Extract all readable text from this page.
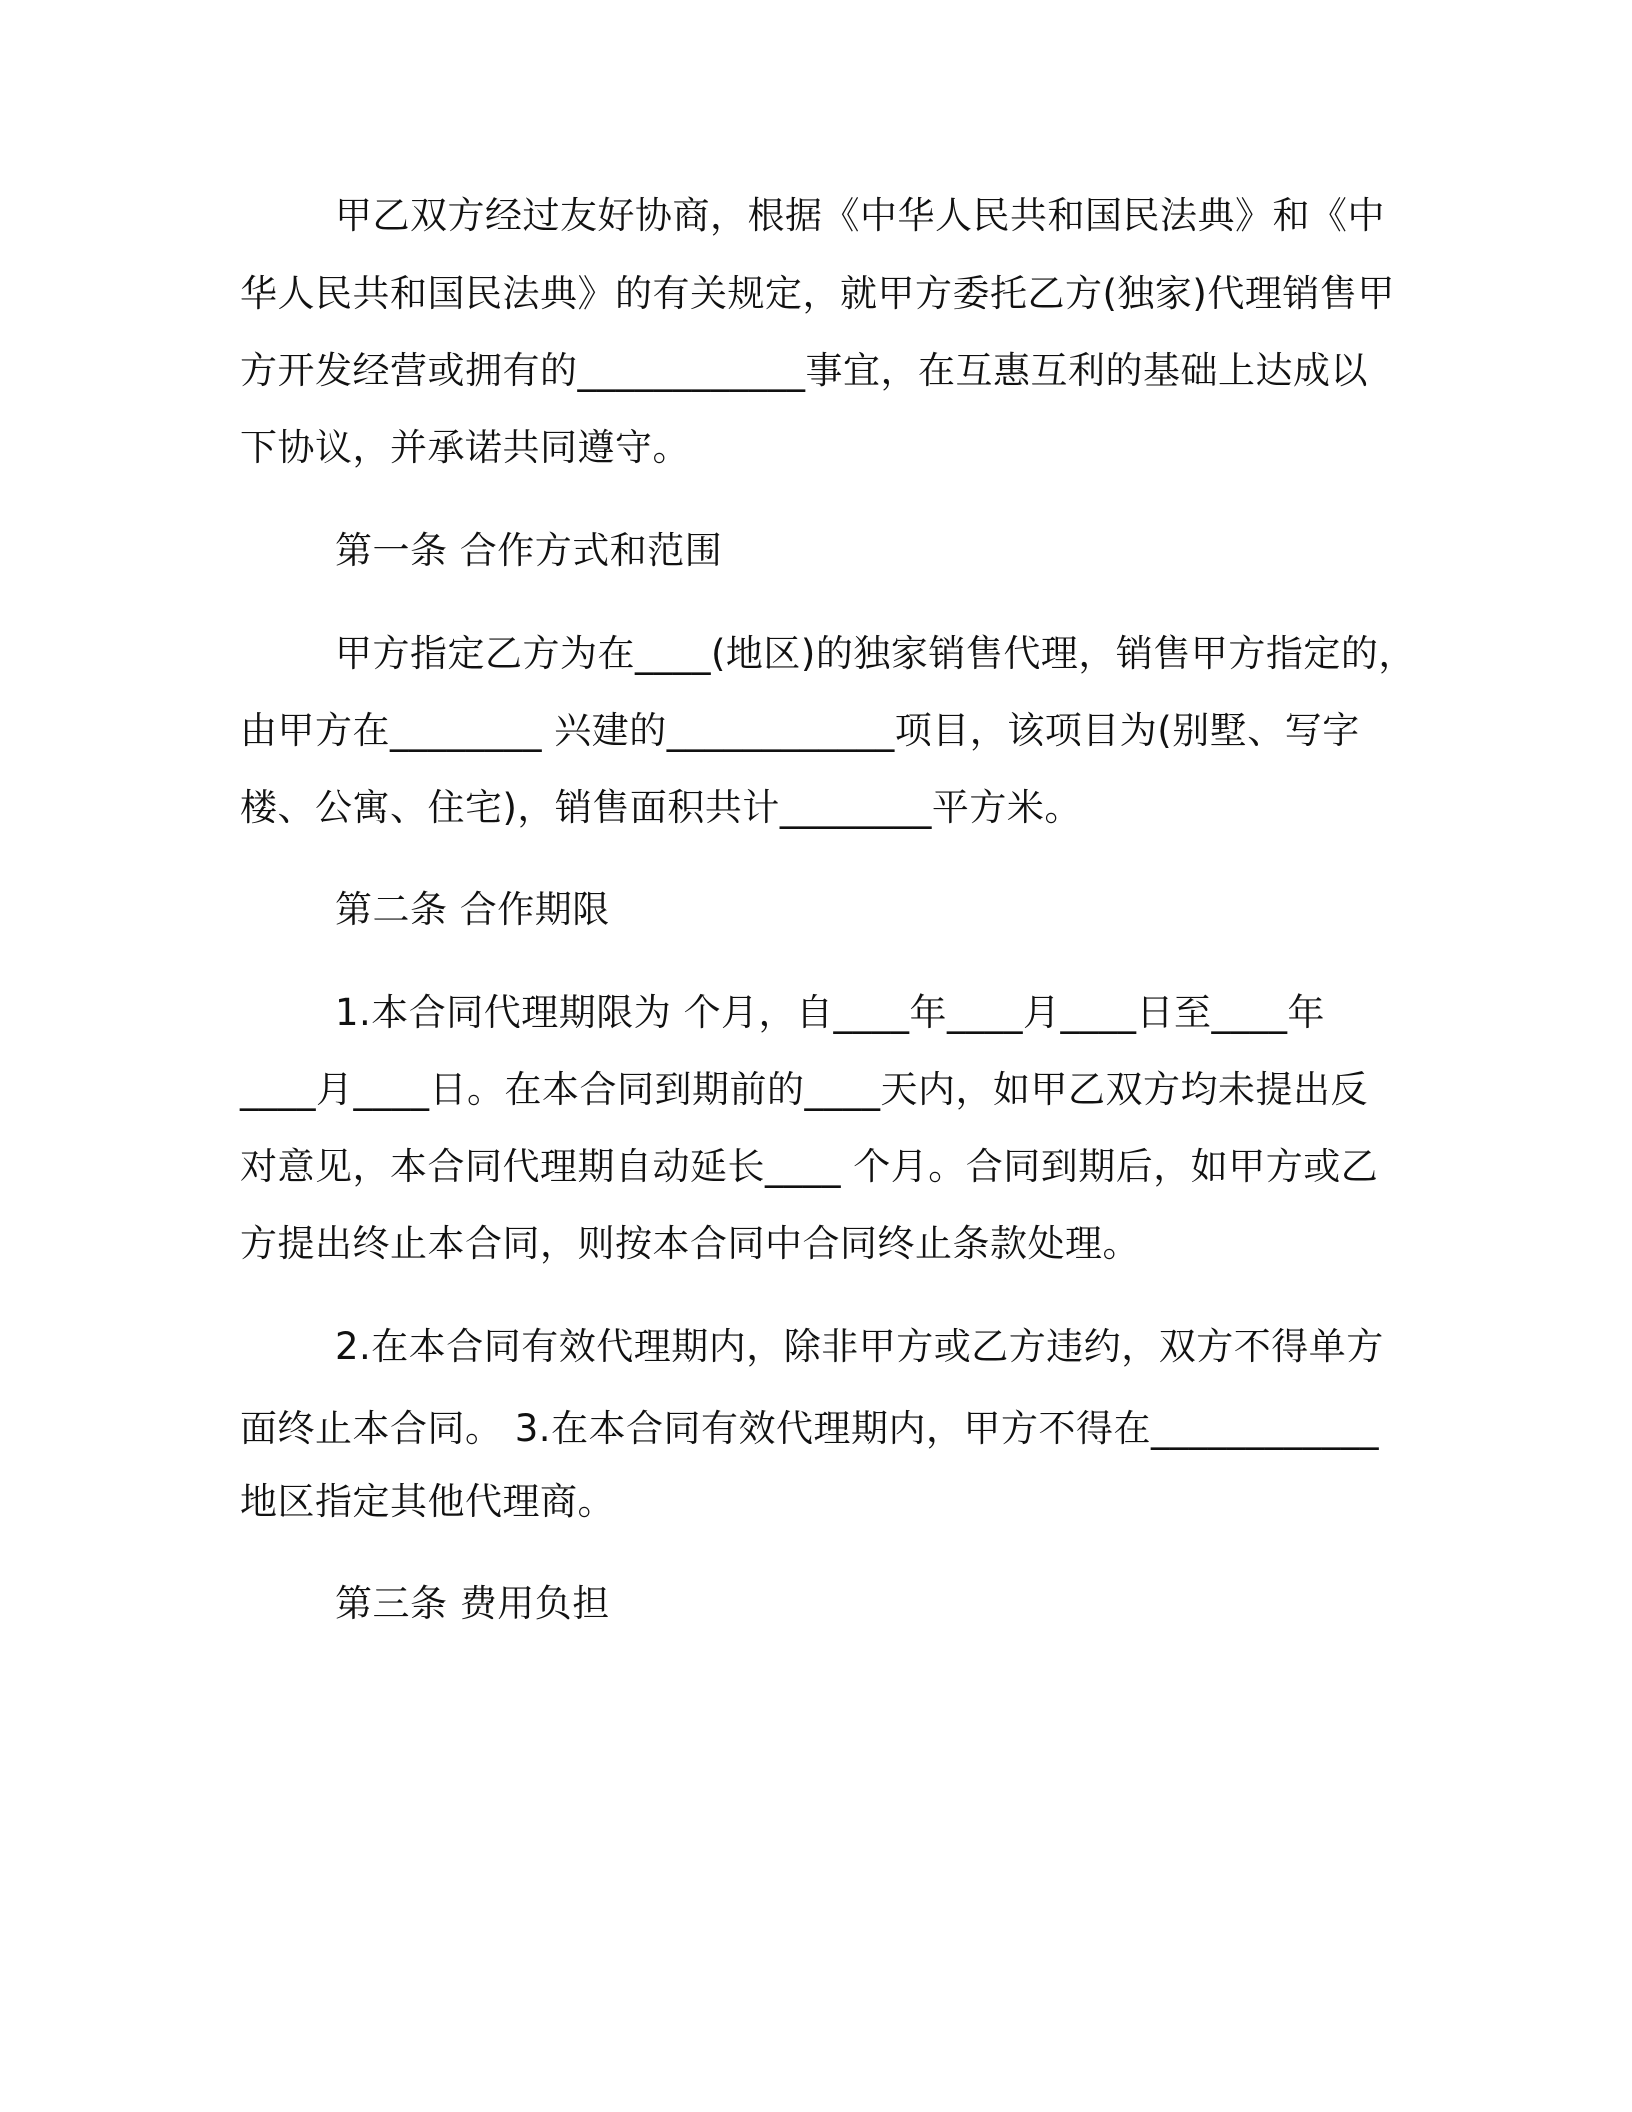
甲乙双方经过友好协商，根据《中华人民共和国民法典》和《中
华人民共和国民法典》的有关规定，就甲方委托乙方(独家)代理销售甲
方开发经营或拥有的____________事宜，在互惠互利的基础上达成以
下协议，并承诺共同遵守。
第一条 合作方式和范围
甲方指定乙方为在____(地区)的独家销售代理，销售甲方指定的，
由甲方在________ 兴建的____________项目，该项目为(别墅、写字
楼、公寓、住宅)，销售面积共计________平方米。
第二条 合作期限
1.本合同代理期限为 个月，自____年____月____日至____年
____月____日。在本合同到期前的____天内，如甲乙双方均未提出反
对意见，本合同代理期自动延长____ 个月。合同到期后，如甲方或乙
方提出终止本合同，则按本合同中合同终止条款处理。
2.在本合同有效代理期内，除非甲方或乙方违约，双方不得单方
面终止本合同。 3.在本合同有效代理期内，甲方不得在____________
地区指定其他代理商。
第三条 费用负担
